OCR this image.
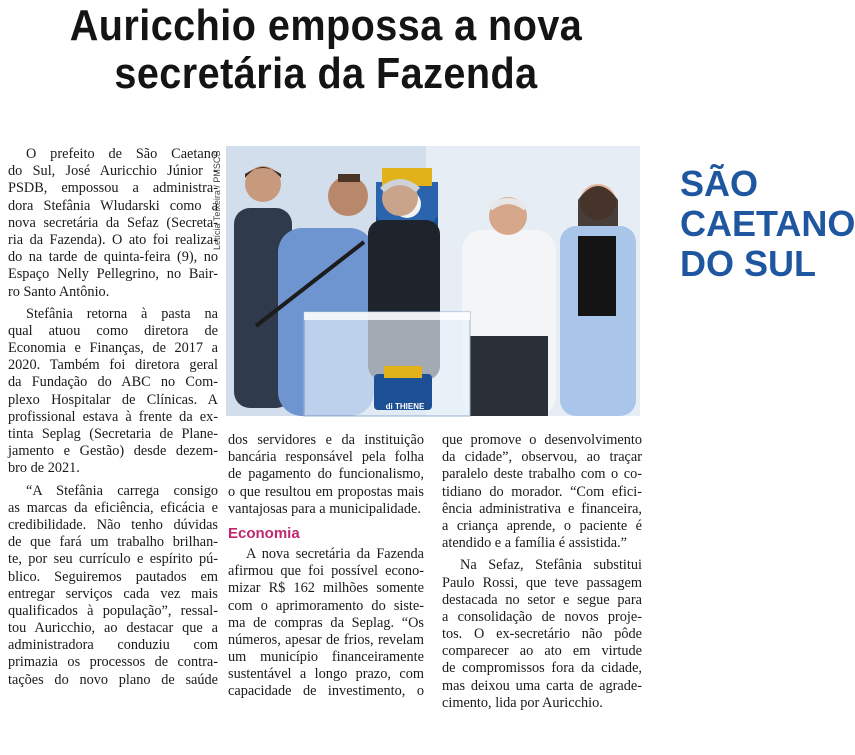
Auricchio empossa a nova
secretária da Fazenda
Letícia Teixeira / PMSCS	SÃO
CAETANO
DO SUL
di THIENE
O prefeito de São Caetano
do Sul, José Auricchio Júnior -
PSDB, empossou a administra-
dora Stefânia Wludarski como a
nova secretária da Sefaz (Secreta-
ria da Fazenda). O ato foi realiza-
do na tarde de quinta-feira (9), no
Espaço Nelly Pellegrino, no Bair-
ro Santo Antônio.
Stefânia retorna à pasta na
qual atuou como diretora de
Economia e Finanças, de 2017 a
2020. Também foi diretora geral
da Fundação do ABC no Com-
plexo Hospitalar de Clínicas. A
profissional estava à frente da ex-
tinta Seplag (Secretaria de Plane-
jamento e Gestão) desde dezem-
bro de 2021.
“A Stefânia carrega consigo
as marcas da eficiência, eficácia e
credibilidade. Não tenho dúvidas
de que fará um trabalho brilhan-
te, por seu currículo e espírito pú-
blico. Seguiremos pautados em
entregar serviços cada vez mais
qualificados à população”, ressal-
tou Auricchio, ao destacar que a
administradora conduziu com
primazia os processos de contra-
tações do novo plano de saúde
dos servidores e da instituição
bancária responsável pela folha
de pagamento do funcionalismo,
o que resultou em propostas mais
vantajosas para a municipalidade.
Economia
A nova secretária da Fazenda
afirmou que foi possível econo-
mizar R$ 162 milhões somente
com o aprimoramento do siste-
ma de compras da Seplag. “Os
números, apesar de frios, revelam
um município financeiramente
sustentável a longo prazo, com
capacidade de investimento, o
que promove o desenvolvimento
da cidade”, observou, ao traçar
paralelo deste trabalho com o co-
tidiano do morador. “Com efici-
ência administrativa e financeira,
a criança aprende, o paciente é
atendido e a família é assistida.”
Na Sefaz, Stefânia substitui
Paulo Rossi, que teve passagem
destacada no setor e segue para
a consolidação de novos proje-
tos. O ex-secretário não pôde
comparecer ao ato em virtude
de compromissos fora da cidade,
mas deixou uma carta de agrade-
cimento, lida por Auricchio.
